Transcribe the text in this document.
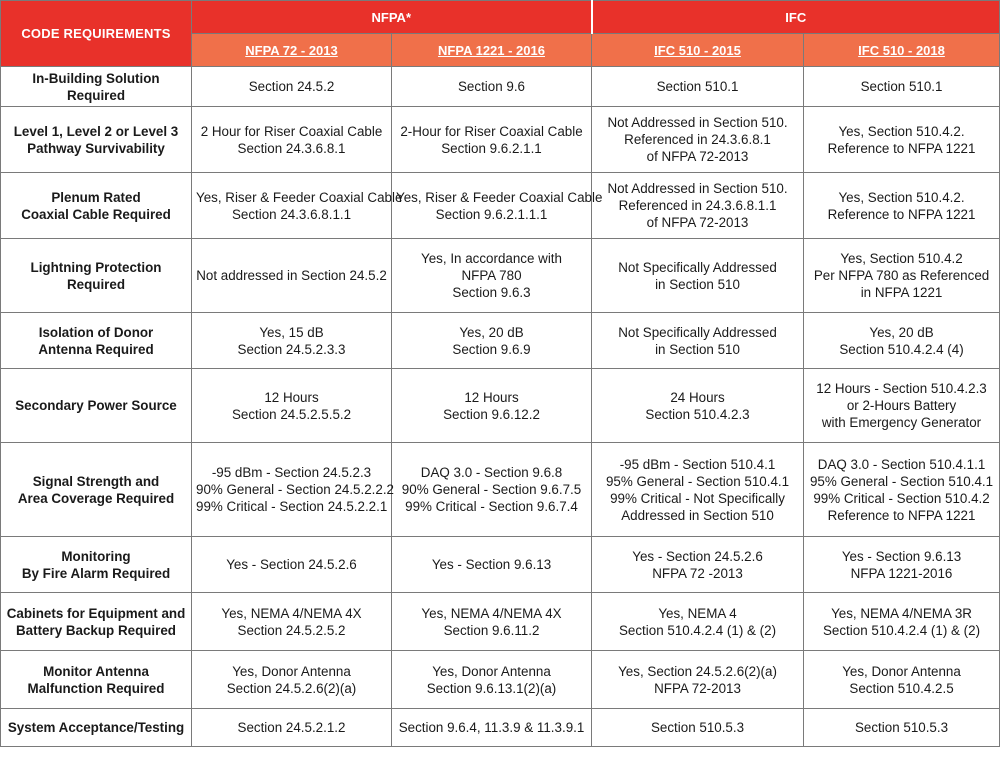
CODE REQUIREMENTS	NFPA*		IFC	
	NFPA 72 - 2013	NFPA 1221 - 2016	IFC 510 - 2015	IFC 510 - 2018

In-Building Solution
Required	Section 24.5.2	Section 9.6	Section 510.1	Section 510.1

Level 1, Level 2 or Level 3
Pathway Survivability	2 Hour for Riser Coaxial Cable
Section 24.3.6.8.1	2-Hour for Riser Coaxial Cable
Section 9.6.2.1.1	Not Addressed in Section 510.
Referenced in 24.3.6.8.1
of NFPA 72-2013	Yes, Section 510.4.2.
Reference to NFPA 1221

Plenum Rated
Coaxial Cable Required	Yes, Riser & Feeder Coaxial Cable
Section 24.3.6.8.1.1	Yes, Riser & Feeder Coaxial Cable
Section 9.6.2.1.1.1	Not Addressed in Section 510.
Referenced in 24.3.6.8.1.1
of NFPA 72-2013	Yes, Section 510.4.2.
Reference to NFPA 1221

Lightning Protection
Required	Not addressed in Section 24.5.2	Yes, In accordance with
NFPA 780
Section 9.6.3	Not Specifically Addressed
in Section 510	Yes, Section 510.4.2
Per NFPA 780 as Referenced
in NFPA 1221

Isolation of Donor
Antenna Required	Yes, 15 dB
Section 24.5.2.3.3	Yes, 20 dB
Section 9.6.9	Not Specifically Addressed
in Section 510	Yes, 20 dB
Section 510.4.2.4 (4)

Secondary Power Source	12 Hours
Section 24.5.2.5.5.2	12 Hours
Section 9.6.12.2	24 Hours
Section 510.4.2.3	12 Hours - Section 510.4.2.3
or 2-Hours Battery
with Emergency Generator

Signal Strength and
Area Coverage Required	-95 dBm - Section 24.5.2.3
90% General - Section 24.5.2.2.2
99% Critical - Section 24.5.2.2.1	DAQ 3.0 - Section 9.6.8
90% General - Section 9.6.7.5
99% Critical - Section 9.6.7.4	-95 dBm - Section 510.4.1
95% General - Section 510.4.1
99% Critical - Not Specifically
Addressed in Section 510	DAQ 3.0 - Section 510.4.1.1
95% General - Section 510.4.1
99% Critical - Section 510.4.2
Reference to NFPA 1221

Monitoring
By Fire Alarm Required	Yes - Section 24.5.2.6	Yes - Section 9.6.13	Yes - Section 24.5.2.6
NFPA 72 -2013	Yes - Section 9.6.13
NFPA 1221-2016

Cabinets for Equipment and
Battery Backup Required	Yes, NEMA 4/NEMA 4X
Section 24.5.2.5.2	Yes, NEMA 4/NEMA 4X
Section 9.6.11.2	Yes, NEMA 4
Section 510.4.2.4 (1) & (2)	Yes, NEMA 4/NEMA 3R
Section 510.4.2.4 (1) & (2)

Monitor Antenna
Malfunction Required	Yes, Donor Antenna
Section 24.5.2.6(2)(a)	Yes, Donor Antenna
Section 9.6.13.1(2)(a)	Yes, Section 24.5.2.6(2)(a)
NFPA 72-2013	Yes, Donor Antenna
Section 510.4.2.5

System Acceptance/Testing	Section 24.5.2.1.2	Section 9.6.4, 11.3.9 & 11.3.9.1	Section 510.5.3	Section 510.5.3
